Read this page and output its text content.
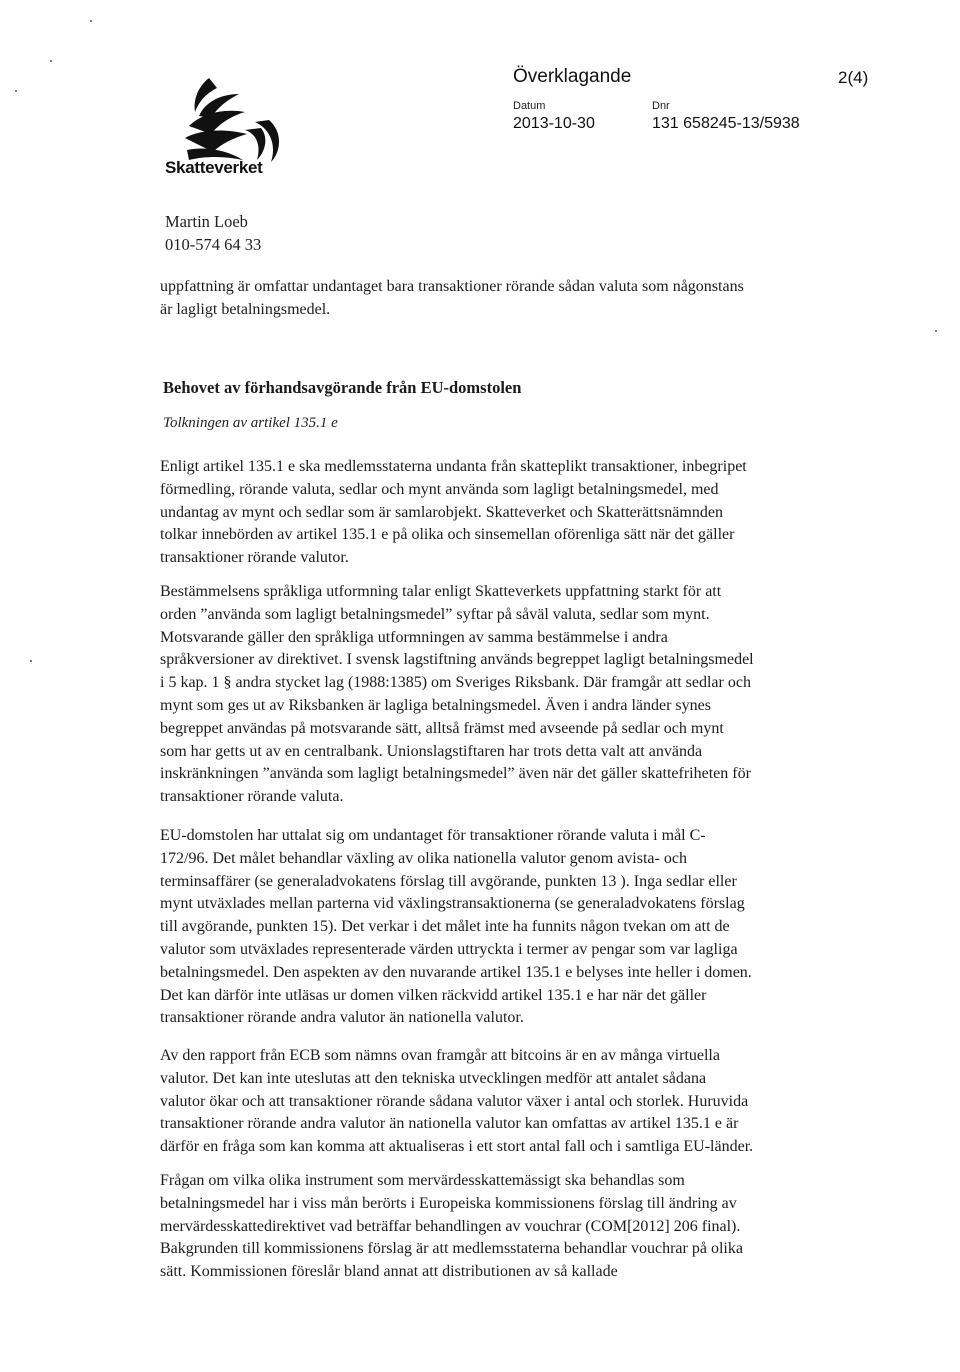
Skatteverket
Överklagande	2(4)
Datum
2013-10-30
Dnr
131 658245-13/5938
Martin Loeb
010-574 64 33

uppfattning är omfattar undantaget bara transaktioner rörande sådan valuta som någonstans

är lagligt betalningsmedel.

Behovet av förhandsavgörande från EU-domstolen
Tolkningen av artikel 135.1 e

Enligt artikel 135.1 e ska medlemsstaterna undanta från skatteplikt transaktioner, inbegripet

förmedling, rörande valuta, sedlar och mynt använda som lagligt betalningsmedel, med

undantag av mynt och sedlar som är samlarobjekt. Skatteverket och Skatterättsnämnden

tolkar innebörden av artikel 135.1 e på olika och sinsemellan oförenliga sätt när det gäller

transaktioner rörande valutor.

Bestämmelsens språkliga utformning talar enligt Skatteverkets uppfattning starkt för att

orden ”använda som lagligt betalningsmedel” syftar på såväl valuta, sedlar som mynt.

Motsvarande gäller den språkliga utformningen av samma bestämmelse i andra

språkversioner av direktivet. I svensk lagstiftning används begreppet lagligt betalningsmedel

i 5 kap. 1 § andra stycket lag (1988:1385) om Sveriges Riksbank. Där framgår att sedlar och

mynt som ges ut av Riksbanken är lagliga betalningsmedel. Även i andra länder synes

begreppet användas på motsvarande sätt, alltså främst med avseende på sedlar och mynt

som har getts ut av en centralbank. Unionslagstiftaren har trots detta valt att använda

inskränkningen ”använda som lagligt betalningsmedel” även när det gäller skattefriheten för

transaktioner rörande valuta.

EU-domstolen har uttalat sig om undantaget för transaktioner rörande valuta i mål C-

172/96. Det målet behandlar växling av olika nationella valutor genom avista- och

terminsaffärer (se generaladvokatens förslag till avgörande, punkten 13 ). Inga sedlar eller

mynt utväxlades mellan parterna vid växlingstransaktionerna (se generaladvokatens förslag

till avgörande, punkten 15). Det verkar i det målet inte ha funnits någon tvekan om att de

valutor som utväxlades representerade värden uttryckta i termer av pengar som var lagliga

betalningsmedel. Den aspekten av den nuvarande artikel 135.1 e belyses inte heller i domen.

Det kan därför inte utläsas ur domen vilken räckvidd artikel 135.1 e har när det gäller

transaktioner rörande andra valutor än nationella valutor.

Av den rapport från ECB som nämns ovan framgår att bitcoins är en av många virtuella

valutor. Det kan inte uteslutas att den tekniska utvecklingen medför att antalet sådana

valutor ökar och att transaktioner rörande sådana valutor växer i antal och storlek. Huruvida

transaktioner rörande andra valutor än nationella valutor kan omfattas av artikel 135.1 e är

därför en fråga som kan komma att aktualiseras i ett stort antal fall och i samtliga EU-länder.

Frågan om vilka olika instrument som mervärdesskattemässigt ska behandlas som

betalningsmedel har i viss mån berörts i Europeiska kommissionens förslag till ändring av

mervärdesskattedirektivet vad beträffar behandlingen av vouchrar (COM[2012] 206 final).

Bakgrunden till kommissionens förslag är att medlemsstaterna behandlar vouchrar på olika

sätt. Kommissionen föreslår bland annat att distributionen av så kallade
